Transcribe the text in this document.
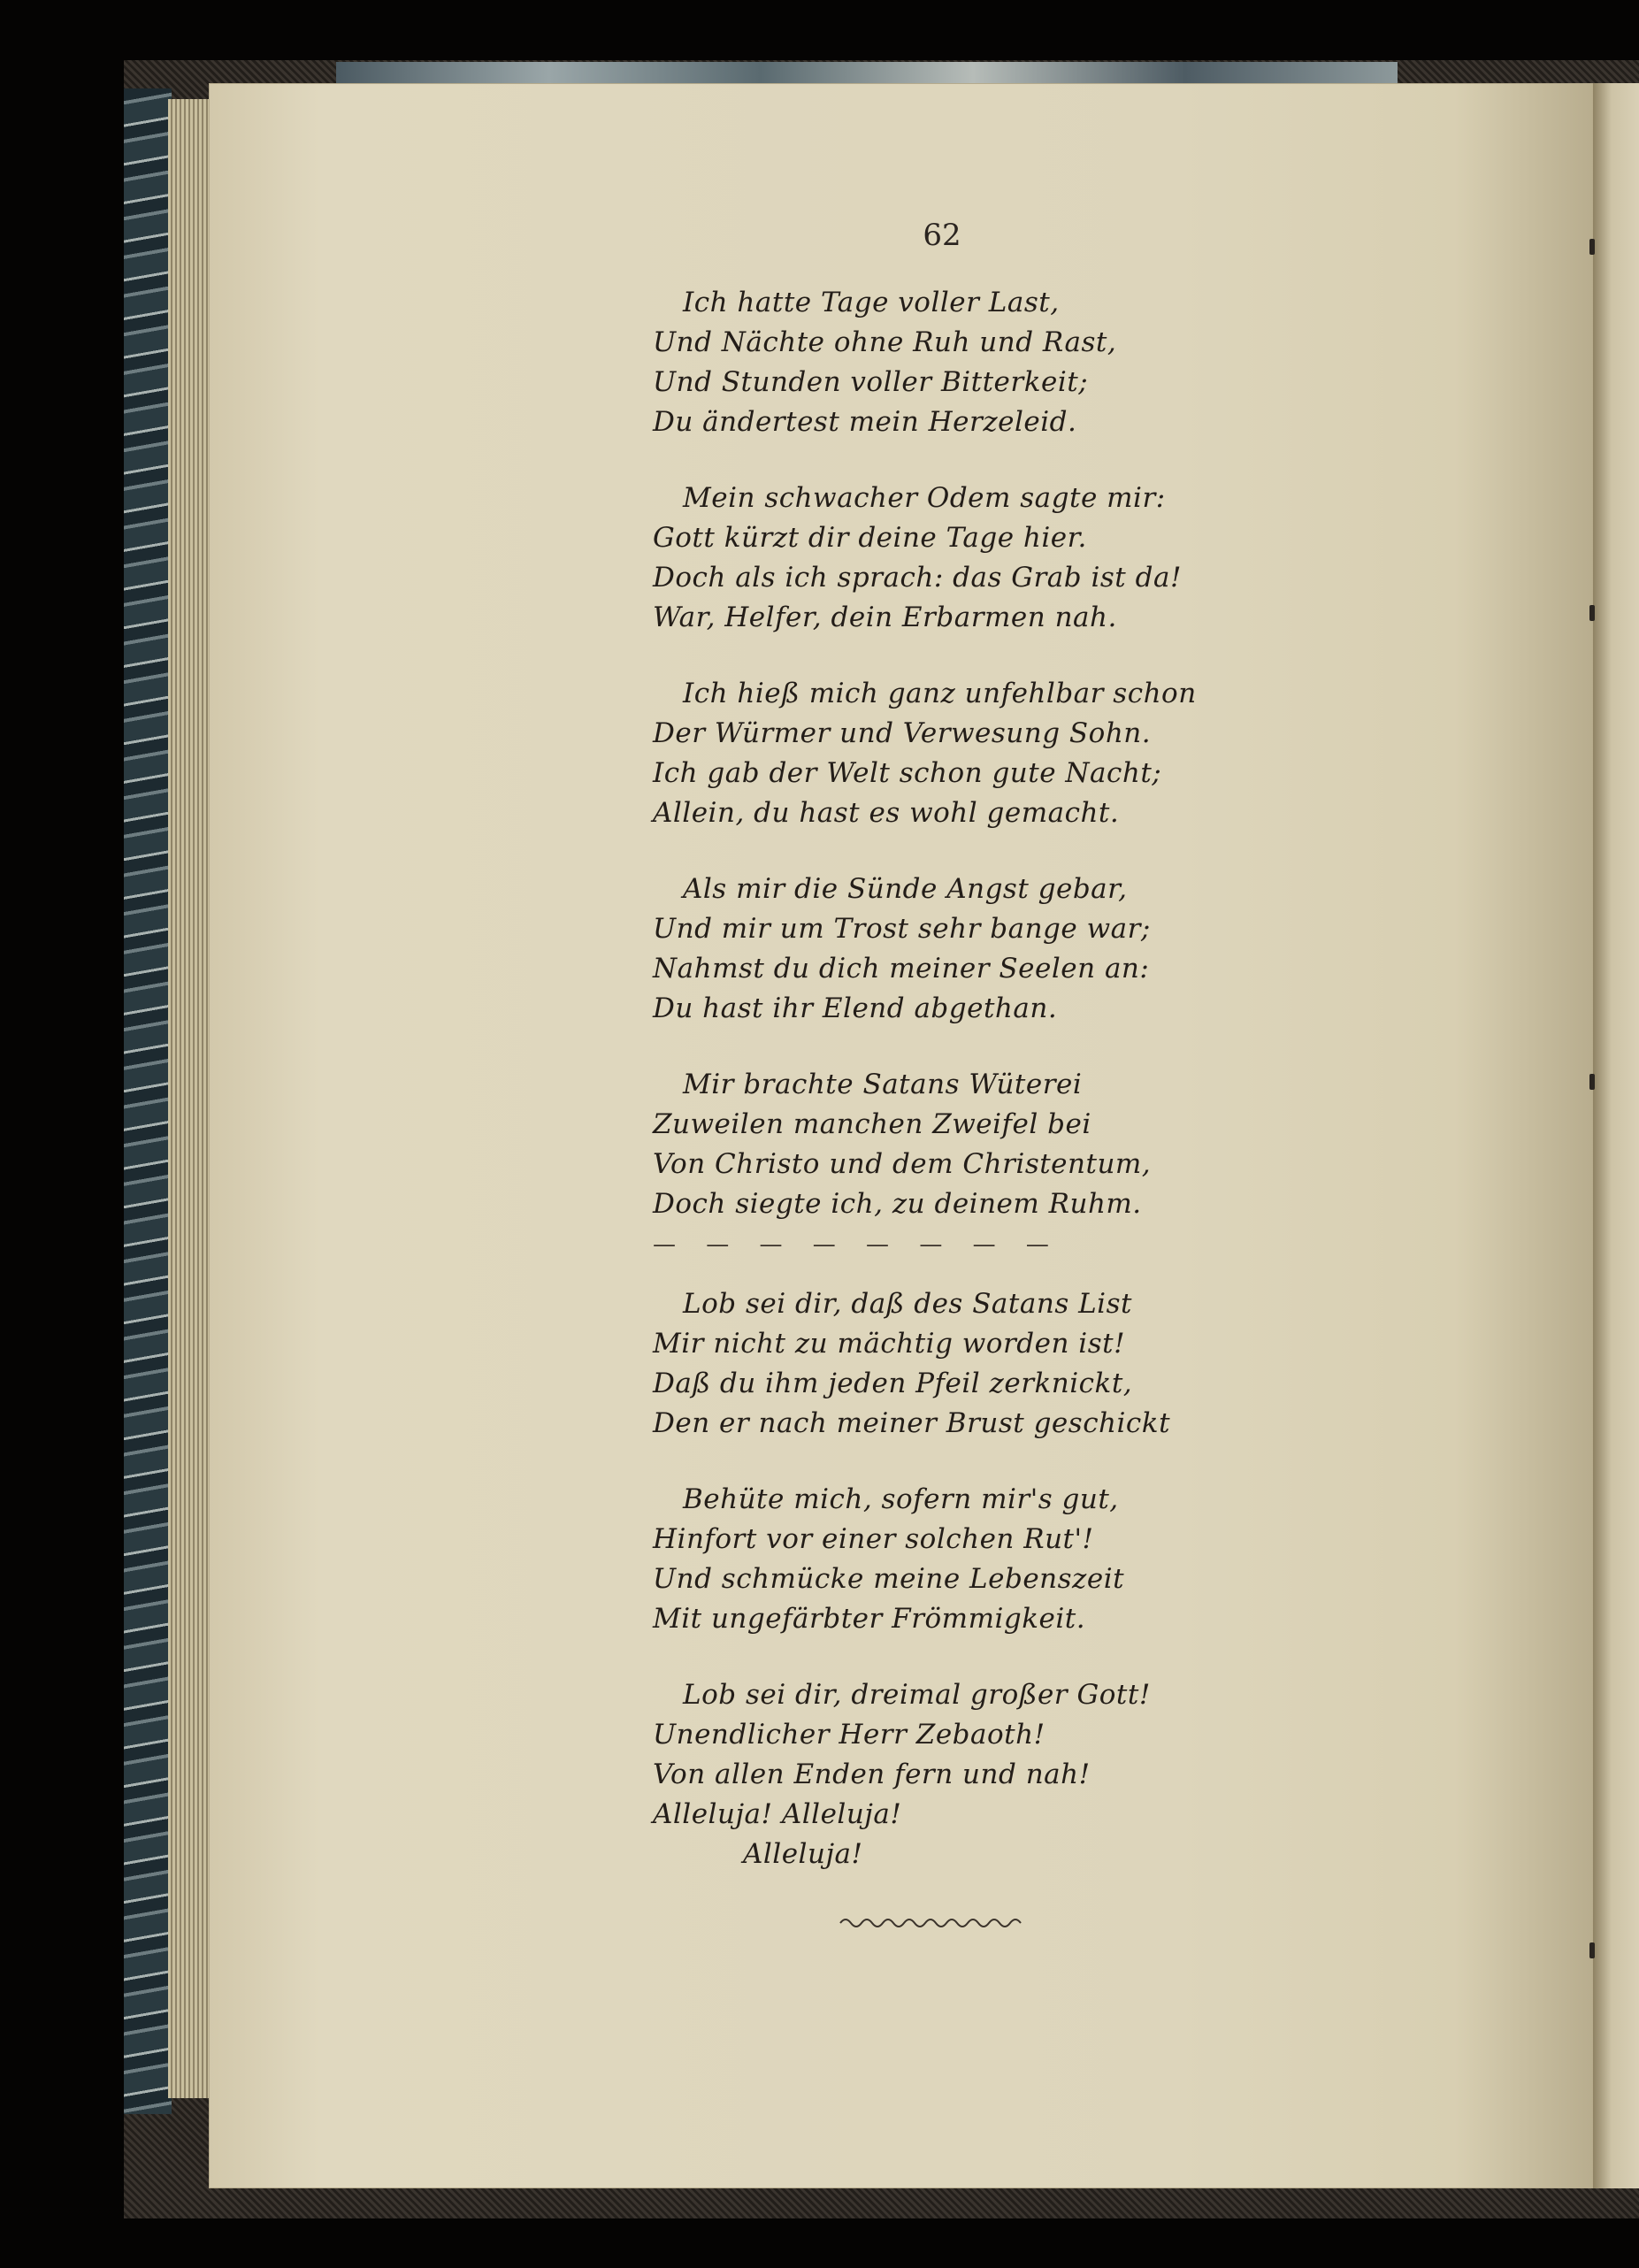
62
Ich hatte Tage voller Last,
Und Nächte ohne Ruh und Rast,
Und Stunden voller Bitterkeit;
Du ändertest mein Herzeleid.
Mein schwacher Odem sagte mir:
Gott kürzt dir deine Tage hier.
Doch als ich sprach: das Grab ist da!
War, Helfer, dein Erbarmen nah.
Ich hieß mich ganz unfehlbar schon
Der Würmer und Verwesung Sohn.
Ich gab der Welt schon gute Nacht;
Allein, du hast es wohl gemacht.
Als mir die Sünde Angst gebar,
Und mir um Trost sehr bange war;
Nahmst du dich meiner Seelen an:
Du hast ihr Elend abgethan.
Mir brachte Satans Wüterei
Zuweilen manchen Zweifel bei
Von Christo und dem Christentum,
Doch siegte ich, zu deinem Ruhm.
— — — — — — — —
Lob sei dir, daß des Satans List
Mir nicht zu mächtig worden ist!
Daß du ihm jeden Pfeil zerknickt,
Den er nach meiner Brust geschickt
Behüte mich, sofern mir's gut,
Hinfort vor einer solchen Rut'!
Und schmücke meine Lebenszeit
Mit ungefärbter Frömmigkeit.
Lob sei dir, dreimal großer Gott!
Unendlicher Herr Zebaoth!
Von allen Enden fern und nah!
Alleluja! Alleluja!
Alleluja!
